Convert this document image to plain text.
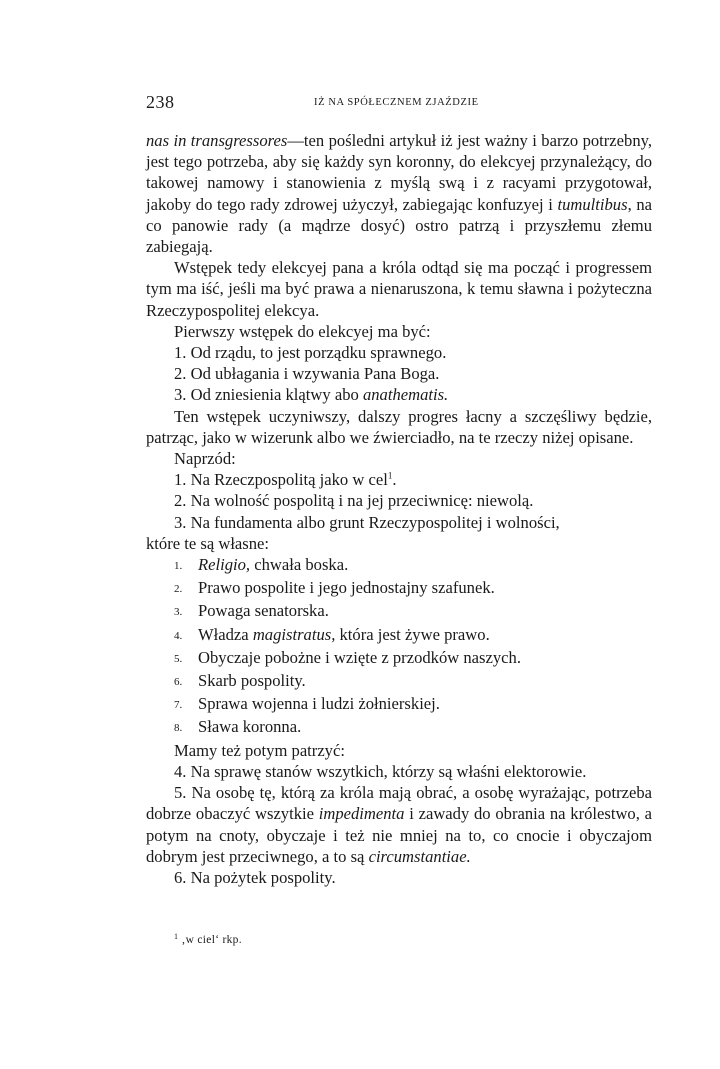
238	IŻ NA SPÓŁECZNEM ZJAŹDZIE

nas in transgressores—ten pośledni artykuł iż jest ważny i barzo potrzebny, jest tego potrzeba, aby się każdy syn koronny, do elekcyej przynależący, do takowej namowy i stanowienia z myślą swą i z racyami przygotował, jakoby do tego rady zdrowej użyczył, zabiegając konfuzyej i tumultibus, na co panowie rady (a mądrze dosyć) ostro patrzą i przyszłemu złemu zabiegają.

Wstępek tedy elekcyej pana a króla odtąd się ma począć i progressem tym ma iść, jeśli ma być prawa a nienaruszona, k temu sławna i pożyteczna Rzeczypospolitej elekcya.

Pierwszy wstępek do elekcyej ma być:

1. Od rządu, to jest porządku sprawnego.

2. Od ubłagania i wzywania Pana Boga.

3. Od zniesienia klątwy abo anathematis.

Ten wstępek uczyniwszy, dalszy progres łacny a szczęśliwy będzie, patrząc, jako w wizerunk albo we źwierciadło, na te rzeczy niżej opisane.

Naprzód:

1. Na Rzeczpospolitą jako w cel$^1$.

2. Na wolność pospolitą i na jej przeciwnicę: niewolą.

3. Na fundamenta albo grunt Rzeczypospolitej i wolności,

które te są własne:

1. Religio, chwała boska.

2. Prawo pospolite i jego jednostajny szafunek.

3. Powaga senatorska.

4. Władza magistratus, która jest żywe prawo.

5. Obyczaje pobożne i wzięte z przodków naszych.

6. Skarb pospolity.

7. Sprawa wojenna i ludzi żołnierskiej.

8. Sława koronna.

Mamy też potym patrzyć:

4. Na sprawę stanów wszytkich, którzy są właśni elektorowie.

5. Na osobę tę, którą za króla mają obrać, a osobę wyrażając, potrzeba dobrze obaczyć wszytkie impedimenta i zawady do obrania na królestwo, a potym na cnoty, obyczaje i też nie mniej na to, co cnocie i obyczajom dobrym jest przeciwnego, a to są circumstantiae.

6. Na pożytek pospolity.

$^1$ ‚w ciel‘ rkp.
